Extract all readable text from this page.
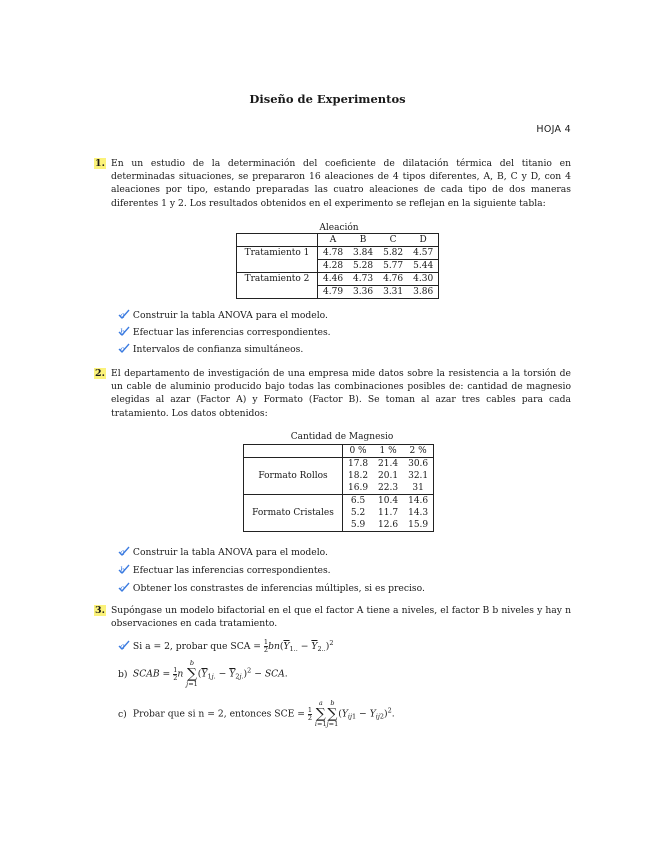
Diseño de Experimentos
HOJA 4
1. En un estudio de la determinación del coeficiente de dilatación térmica del titanio en determinadas situaciones, se prepararon 16 aleaciones de 4 tipos diferentes, A, B, C y D, con 4 aleaciones por tipo, estando preparadas las cuatro aleaciones de cada tipo de dos maneras diferentes 1 y 2. Los resultados obtenidos en el experimento se reflejan en la siguiente tabla:
Aleación
	A	B	C	D
Tratamiento 1	4.78	3.84	5.82	4.57
	4.28	5.28	5.77	5.44
Tratamiento 2	4.46	4.73	4.76	4.30
	4.79	3.36	3.31	3.86
a Construir la tabla ANOVA para el modelo.
b Efectuar las inferencias correspondientes.
c Intervalos de confianza simultáneos.
2. El departamento de investigación de una empresa mide datos sobre la resistencia a la torsión de un cable de aluminio producido bajo todas las combinaciones posibles de: cantidad de magnesio elegidas al azar (Factor A) y Formato (Factor B). Se toman al azar tres cables para cada tratamiento. Los datos obtenidos:
Cantidad de Magnesio
	0 %	1 %	2 %
Formato Rollos	17.8	21.4	30.6
	18.2	20.1	32.1
	16.9	22.3	31
Formato Cristales	6.5	10.4	14.6
	5.2	11.7	14.3
	5.9	12.6	15.9
a Construir la tabla ANOVA para el modelo.
b Efectuar las inferencias correspondientes.
c Obtener los constrastes de inferencias múltiples, si es preciso.
3. Supóngase un modelo bifactorial en el que el factor A tiene a niveles, el factor B b niveles y hay n observaciones en cada tratamiento.
a Si a = 2, probar que SCA = $\frac{1}{2} bn(\overline{Y}_{1..} - \overline{Y}_{2..})^2$
b) SCAB = $\frac{1}{2}$ n b
∑
$j=1(\overline{Y}_{1j.} - \overline{Y}_{2j.})^2$ − SCA.
c) Probar que si n = 2, entonces SCE = $\frac{1}{2}$
a
∑
i=1b
∑
$j=1(Y_{ij1} - Y_{ij2})^2$.
